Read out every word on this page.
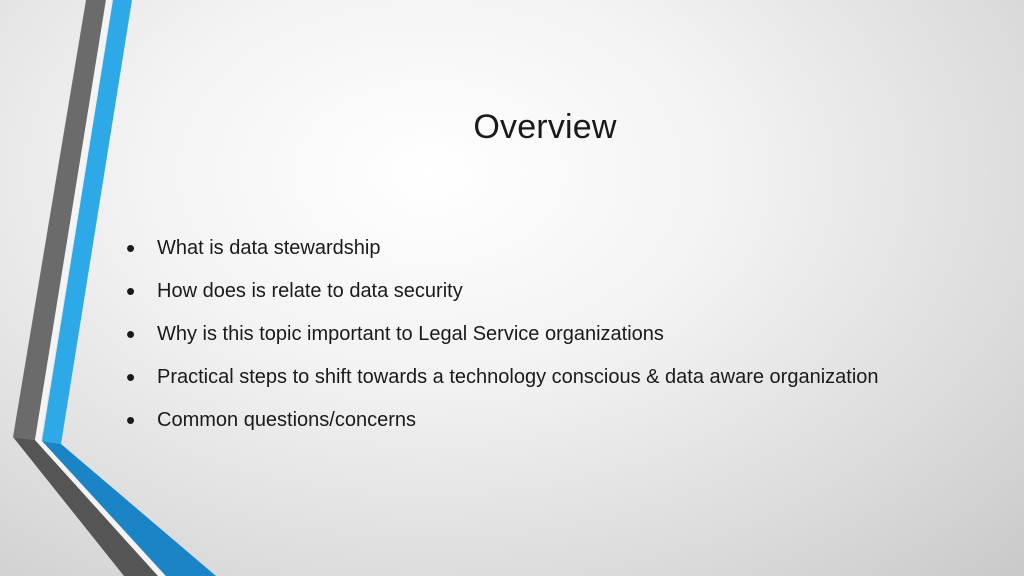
Overview
• What is data stewardship
• How does is relate to data security
• Why is this topic important to Legal Service organizations
• Practical steps to shift towards a technology conscious & data aware organization
• Common questions/concerns
